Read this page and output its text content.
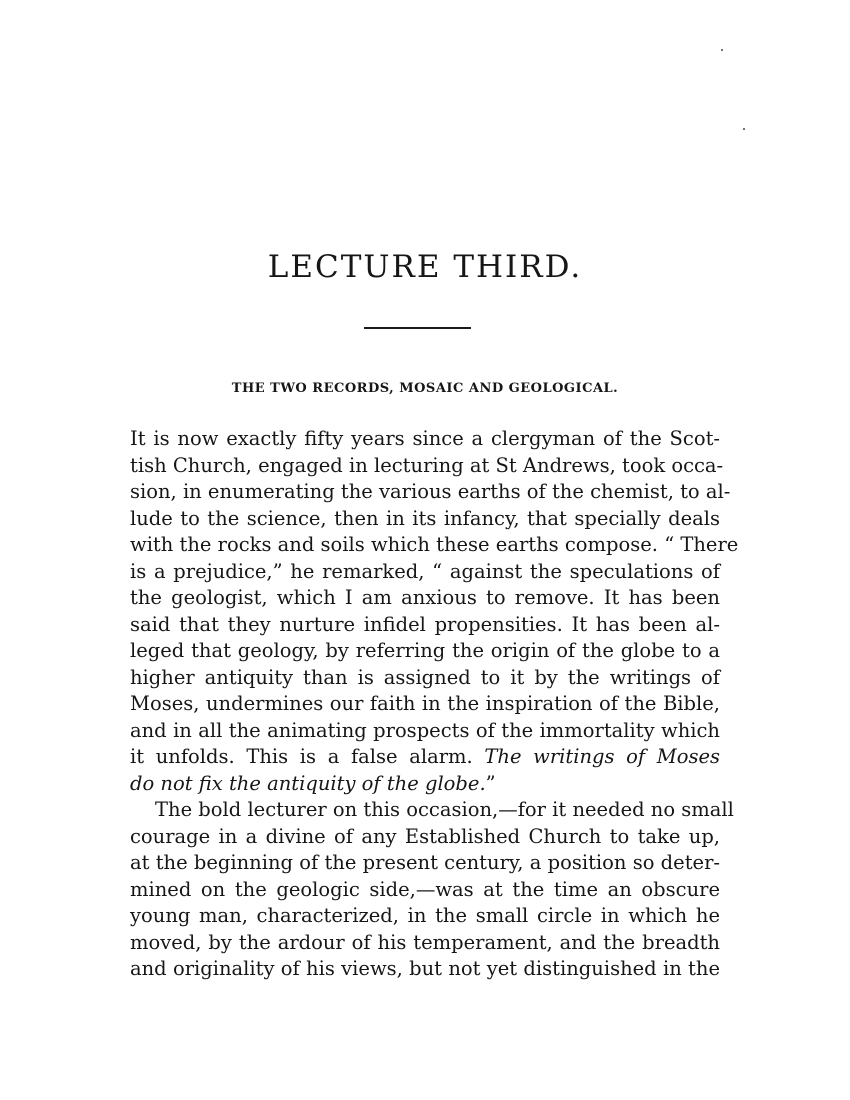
LECTURE THIRD.
THE TWO RECORDS, MOSAIC AND GEOLOGICAL.
It is now exactly fifty years since a clergyman of the Scot-
tish Church, engaged in lecturing at St Andrews, took occa-
sion, in enumerating the various earths of the chemist, to al-
lude to the science, then in its infancy, that specially deals
with the rocks and soils which these earths compose. “ There
is a prejudice,” he remarked, “ against the speculations of
the geologist, which I am anxious to remove. It has been
said that they nurture infidel propensities. It has been al-
leged that geology, by referring the origin of the globe to a
higher antiquity than is assigned to it by the writings of
Moses, undermines our faith in the inspiration of the Bible,
and in all the animating prospects of the immortality which
it unfolds. This is a false alarm. The writings of Moses
do not fix the antiquity of the globe.”
The bold lecturer on this occasion,—for it needed no small
courage in a divine of any Established Church to take up,
at the beginning of the present century, a position so deter-
mined on the geologic side,—was at the time an obscure
young man, characterized, in the small circle in which he
moved, by the ardour of his temperament, and the breadth
and originality of his views, but not yet distinguished in the
